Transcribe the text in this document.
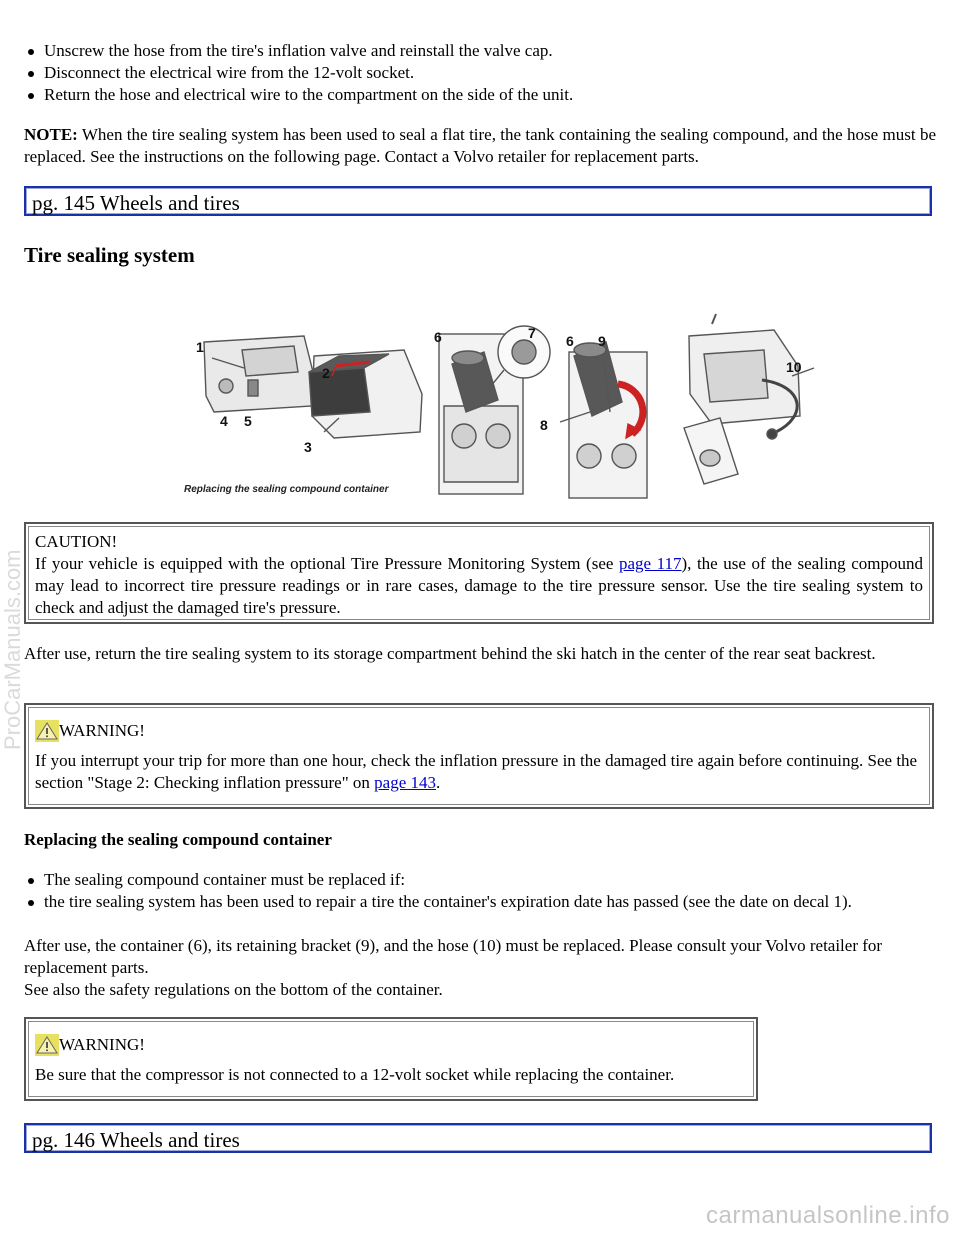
Unscrew the hose from the tire's inflation valve and reinstall the valve cap.
Disconnect the electrical wire from the 12-volt socket.
Return the hose and electrical wire to the compartment on the side of the unit.
NOTE: When the tire sealing system has been used to seal a flat tire, the tank containing the sealing compound, and the hose must be replaced. See the instructions on the following page. Contact a Volvo retailer for replacement parts.
pg. 145 Wheels and tires
Tire sealing system
1
2
3
4 5
6	7 6 9
8
10
Replacing the sealing compound container
CAUTION!

If your vehicle is equipped with the optional Tire Pressure Monitoring System (see page 117), the use of the sealing compound may lead to incorrect tire pressure readings or in rare cases, damage to the tire pressure sensor. Use the tire sealing system to check and adjust the damaged tire's pressure.

After use, return the tire sealing system to its storage compartment behind the ski hatch in the center of the rear seat backrest.
WARNING!

If you interrupt your trip for more than one hour, check the inflation pressure in the damaged tire again before continuing. See the section "Stage 2: Checking inflation pressure" on page 143.

Replacing the sealing compound container
The sealing compound container must be replaced if:
the tire sealing system has been used to repair a tire the container's expiration date has passed (see the date on decal 1).
After use, the container (6), its retaining bracket (9), and the hose (10) must be replaced. Please consult your Volvo retailer for replacement parts.
See also the safety regulations on the bottom of the container.
WARNING!

Be sure that the compressor is not connected to a 12-volt socket while replacing the container.

pg. 146 Wheels and tires
ProCarManuals.com
carmanualsonline.info
